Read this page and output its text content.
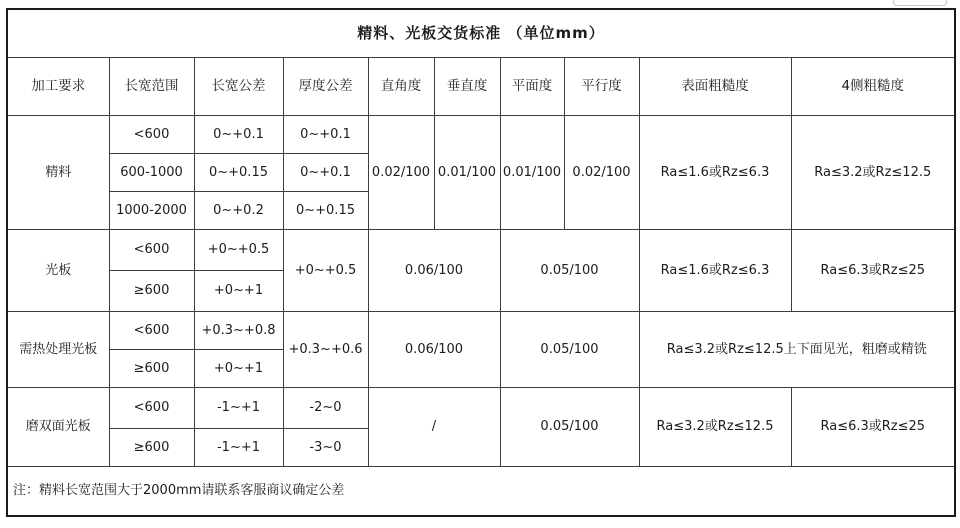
精料、光板交货标准 （单位mm）									
加工要求	长宽范围	长宽公差	厚度公差	直角度	垂直度	平面度	平行度	表面粗糙度	4侧粗糙度
精料	<600	0~+0.1	0~+0.1	0.02/100	0.01/100	0.01/100	0.02/100	Ra≤1.6或Rz≤6.3	Ra≤3.2或Rz≤12.5
	600-1000	0~+0.15	0~+0.1						
	1000-2000	0~+0.2	0~+0.15						
光板	<600	+0~+0.5	+0~+0.5	0.06/100		0.05/100		Ra≤1.6或Rz≤6.3	Ra≤6.3或Rz≤25
	≥600	+0~+1							
需热处理光板	<600	+0.3~+0.8	+0.3~+0.6	0.06/100		0.05/100		Ra≤3.2或Rz≤12.5上下面见光，粗磨或精铣	
	≥600	+0~+1							
磨双面光板	<600	-1~+1	-2~0	/		0.05/100		Ra≤3.2或Rz≤12.5	Ra≤6.3或Rz≤25
	≥600	-1~+1	-3~0						
注：精料长宽范围大于2000mm请联系客服商议确定公差									
